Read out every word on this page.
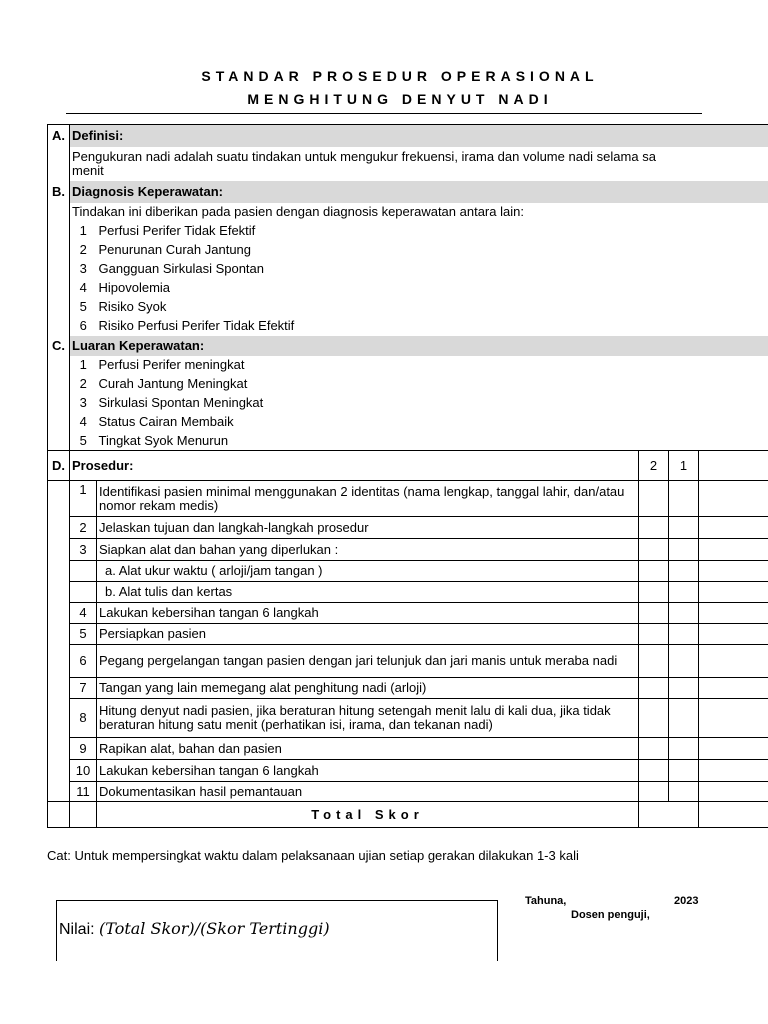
STANDAR PROSEDUR OPERASIONAL
MENGHITUNG DENYUT NADI
A.	Definisi:				

	Pengukuran nadi adalah suatu tindakan untuk mengukur frekuensi, irama dan volume nadi selama sa
menit				

B.	Diagnosis Keperawatan:				
	Tindakan ini diberikan pada pasien dengan diagnosis keperawatan antara lain:				
	1	Perfusi Perifer Tidak Efektif			
	2	Penurunan Curah Jantung			
	3	Gangguan Sirkulasi Spontan			
	4	Hipovolemia			
	5	Risiko Syok			
	6	Risiko Perfusi Perifer Tidak Efektif			
C.	Luaran Keperawatan:				
	1	Perfusi Perifer meningkat			
	2	Curah Jantung Meningkat			
	3	Sirkulasi Spontan Meningkat			
	4	Status Cairan Membaik			
	5	Tingkat Syok Menurun			
D.	Prosedur:		2	1	
	1	Identifikasi pasien minimal menggunakan 2 identitas (nama lengkap, tanggal lahir, dan/atau nomor rekam medis)			
	2	Jelaskan tujuan dan langkah-langkah prosedur			
	3	Siapkan alat dan bahan yang diperlukan :			
		a. Alat ukur waktu ( arloji/jam tangan )			
		b. Alat tulis dan kertas			
	4	Lakukan kebersihan tangan 6 langkah			
	5	Persiapkan pasien			
	6	Pegang pergelangan tangan pasien dengan jari telunjuk dan jari manis untuk meraba nadi			
	7	Tangan yang lain memegang alat penghitung nadi (arloji)			
	8	Hitung denyut nadi pasien, jika beraturan hitung setengah menit lalu di kali dua, jika tidak beraturan hitung satu menit (perhatikan isi, irama, dan tekanan nadi)			
	9	Rapikan alat, bahan dan pasien			
	10	Lakukan kebersihan tangan 6 langkah			
	11	Dokumentasikan hasil pemantauan			
		Total Skor			
Cat: Untuk mempersingkat waktu dalam pelaksanaan ujian setiap gerakan dilakukan 1-3 kali
Tahuna,	2023
Dosen penguji,
Nilai: (Total Skor)/(Skor Tertinggi)
